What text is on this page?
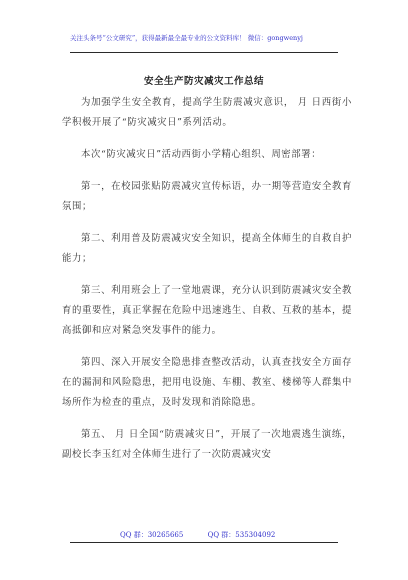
关注头条号“公文研究”，获得最新最全最专业的公文资料库！ 微信：gongwenyj
安全生产防灾减灾工作总结

为加强学生安全教育，提高学生防震减灾意识， 月 日西街小学积极开展了“防灾减灾日”系列活动。

本次“防灾减灾日”活动西街小学精心组织、周密部署：

第一，在校园张贴防震减灾宣传标语，办一期等营造安全教育氛围；

第二、利用普及防震减灾安全知识，提高全体师生的自救自护能力；

第三、利用班会上了一堂地震课，充分认识到防震减灾安全教育的重要性，真正掌握在危险中迅速逃生、自救、互救的基本，提高抵御和应对紧急突发事件的能力。

第四、深入开展安全隐患排查整改活动，认真查找安全方面存在的漏洞和风险隐患，把用电设施、车棚、教室、楼梯等人群集中场所作为检查的重点，及时发现和消除隐患。

第五、 月 日全国“防震减灾日”，开展了一次地震逃生演练，副校长李玉红对全体师生进行了一次防震减灾安

QQ 群：30265665	QQ 群：535304092
